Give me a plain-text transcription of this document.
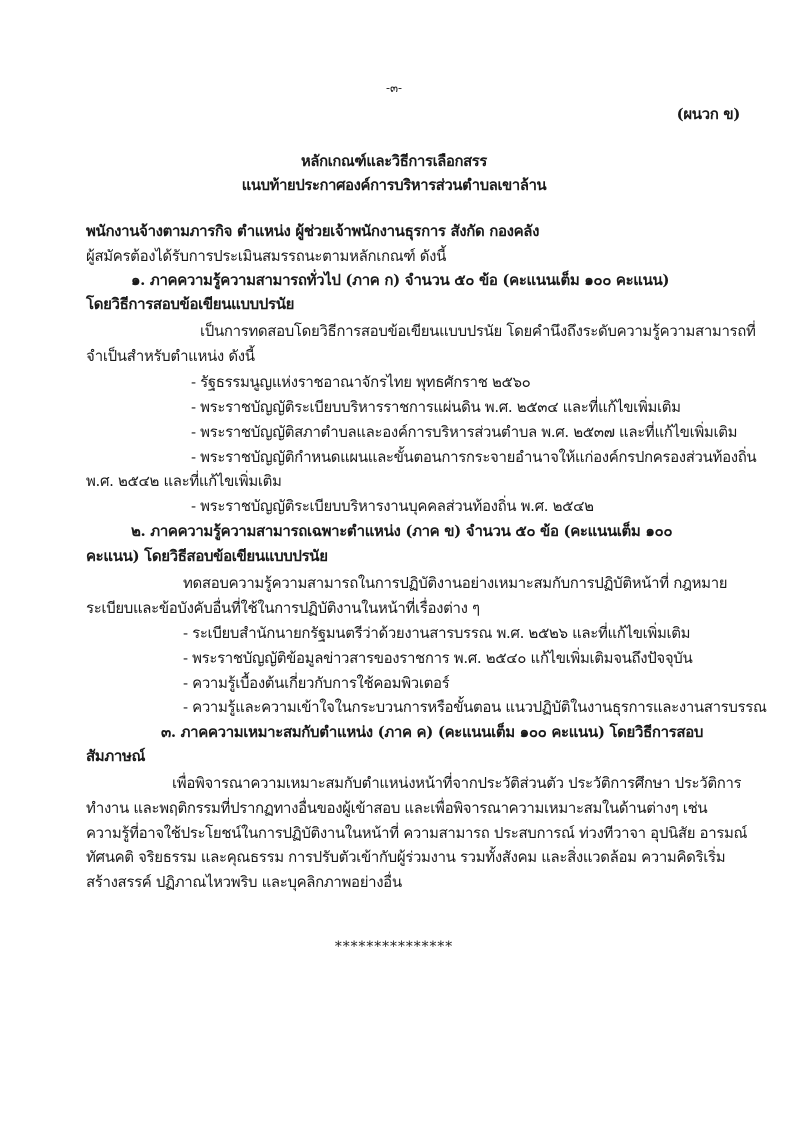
-๓-
(ผนวก ข)
หลักเกณฑ์และวิธีการเลือกสรร
แนบท้ายประกาศองค์การบริหารส่วนตำบลเขาล้าน
พนักงานจ้างตามภารกิจ ตำแหน่ง ผู้ช่วยเจ้าพนักงานธุรการ สังกัด กองคลัง
ผู้สมัครต้องได้รับการประเมินสมรรถนะตามหลักเกณฑ์ ดังนี้
๑. ภาคความรู้ความสามารถทั่วไป (ภาค ก) จำนวน ๕๐ ข้อ (คะแนนเต็ม ๑๐๐ คะแนน)
โดยวิธีการสอบข้อเขียนแบบปรนัย
เป็นการทดสอบโดยวิธีการสอบข้อเขียนแบบปรนัย โดยคำนึงถึงระดับความรู้ความสามารถที่
จำเป็นสำหรับตำแหน่ง ดังนี้
- รัฐธรรมนูญแห่งราชอาณาจักรไทย พุทธศักราช ๒๕๖๐
- พระราชบัญญัติระเบียบบริหารราชการแผ่นดิน พ.ศ. ๒๕๓๔ และที่แก้ไขเพิ่มเติม
- พระราชบัญญัติสภาตำบลและองค์การบริหารส่วนตำบล พ.ศ. ๒๕๓๗ และที่แก้ไขเพิ่มเติม
- พระราชบัญญัติกำหนดแผนและขั้นตอนการกระจายอำนาจให้แก่องค์กรปกครองส่วนท้องถิ่น
พ.ศ. ๒๕๔๒ และที่แก้ไขเพิ่มเติม
- พระราชบัญญัติระเบียบบริหารงานบุคคลส่วนท้องถิ่น พ.ศ. ๒๕๔๒
๒. ภาคความรู้ความสามารถเฉพาะตำแหน่ง (ภาค ข) จำนวน ๕๐ ข้อ (คะแนนเต็ม ๑๐๐
คะแนน) โดยวิธีสอบข้อเขียนแบบปรนัย
ทดสอบความรู้ความสามารถในการปฏิบัติงานอย่างเหมาะสมกับการปฏิบัติหน้าที่ กฎหมาย
ระเบียบและข้อบังคับอื่นที่ใช้ในการปฏิบัติงานในหน้าที่เรื่องต่าง ๆ
- ระเบียบสำนักนายกรัฐมนตรีว่าด้วยงานสารบรรณ พ.ศ. ๒๕๒๖ และที่แก้ไขเพิ่มเติม
- พระราชบัญญัติข้อมูลข่าวสารของราชการ พ.ศ. ๒๕๔๐ แก้ไขเพิ่มเติมจนถึงปัจจุบัน
- ความรู้เบื้องต้นเกี่ยวกับการใช้คอมพิวเตอร์
- ความรู้และความเข้าใจในกระบวนการหรือขั้นตอน แนวปฏิบัติในงานธุรการและงานสารบรรณ
๓. ภาคความเหมาะสมกับตำแหน่ง (ภาค ค) (คะแนนเต็ม ๑๐๐ คะแนน) โดยวิธีการสอบ
สัมภาษณ์
เพื่อพิจารณาความเหมาะสมกับตำแหน่งหน้าที่จากประวัติส่วนตัว ประวัติการศึกษา ประวัติการ
ทำงาน และพฤติกรรมที่ปรากฏทางอื่นของผู้เข้าสอบ และเพื่อพิจารณาความเหมาะสมในด้านต่างๆ เช่น
ความรู้ที่อาจใช้ประโยชน์ในการปฏิบัติงานในหน้าที่ ความสามารถ ประสบการณ์ ท่วงทีวาจา อุปนิสัย อารมณ์
ทัศนคติ จริยธรรม และคุณธรรม การปรับตัวเข้ากับผู้ร่วมงาน รวมทั้งสังคม และสิ่งแวดล้อม ความคิดริเริ่ม
สร้างสรรค์ ปฏิภาณไหวพริบ และบุคลิกภาพอย่างอื่น
***************
